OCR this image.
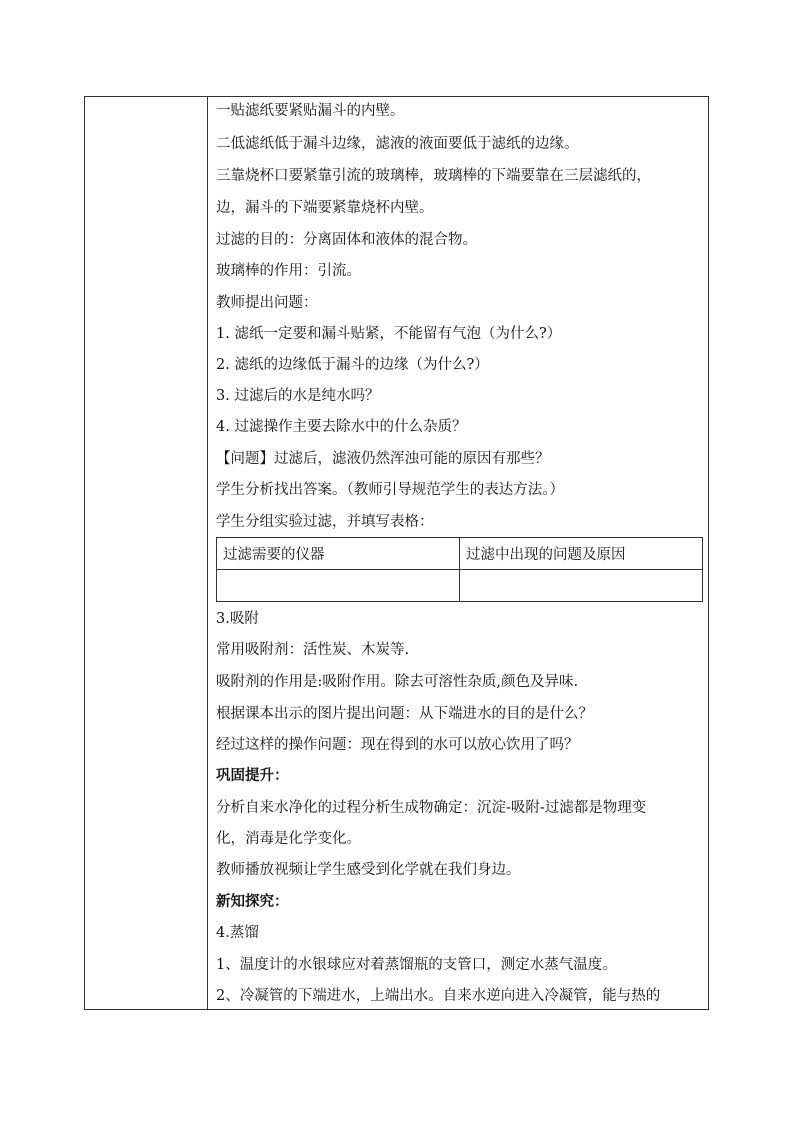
一贴滤纸要紧贴漏斗的内壁。
二低滤纸低于漏斗边缘，滤液的液面要低于滤纸的边缘。
三靠烧杯口要紧靠引流的玻璃棒，玻璃棒的下端要靠在三层滤纸的，
边，漏斗的下端要紧靠烧杯内壁。
过滤的目的：分离固体和液体的混合物。
玻璃棒的作用：引流。
教师提出问题：
1. 滤纸一定要和漏斗贴紧，不能留有气泡（为什么?）
2. 滤纸的边缘低于漏斗的边缘（为什么?）
3. 过滤后的水是纯水吗？
4. 过滤操作主要去除水中的什么杂质？
【问题】过滤后，滤液仍然浑浊可能的原因有那些？
学生分析找出答案。（教师引导规范学生的表达方法。）
学生分组实验过滤，并填写表格：
过滤需要的仪器	过滤中出现的问题及原因

3.吸附
常用吸附剂：活性炭、木炭等.
吸附剂的作用是:吸附作用。除去可溶性杂质,颜色及异味.
根据课本出示的图片提出问题：从下端进水的目的是什么？
经过这样的操作问题：现在得到的水可以放心饮用了吗？
巩固提升：
分析自来水净化的过程分析生成物确定：沉淀-吸附-过滤都是物理变
化，消毒是化学变化。
教师播放视频让学生感受到化学就在我们身边。
新知探究：
4.蒸馏
1、温度计的水银球应对着蒸馏瓶的支管口，测定水蒸气温度。
2、冷凝管的下端进水，上端出水。自来水逆向进入冷凝管，能与热的
